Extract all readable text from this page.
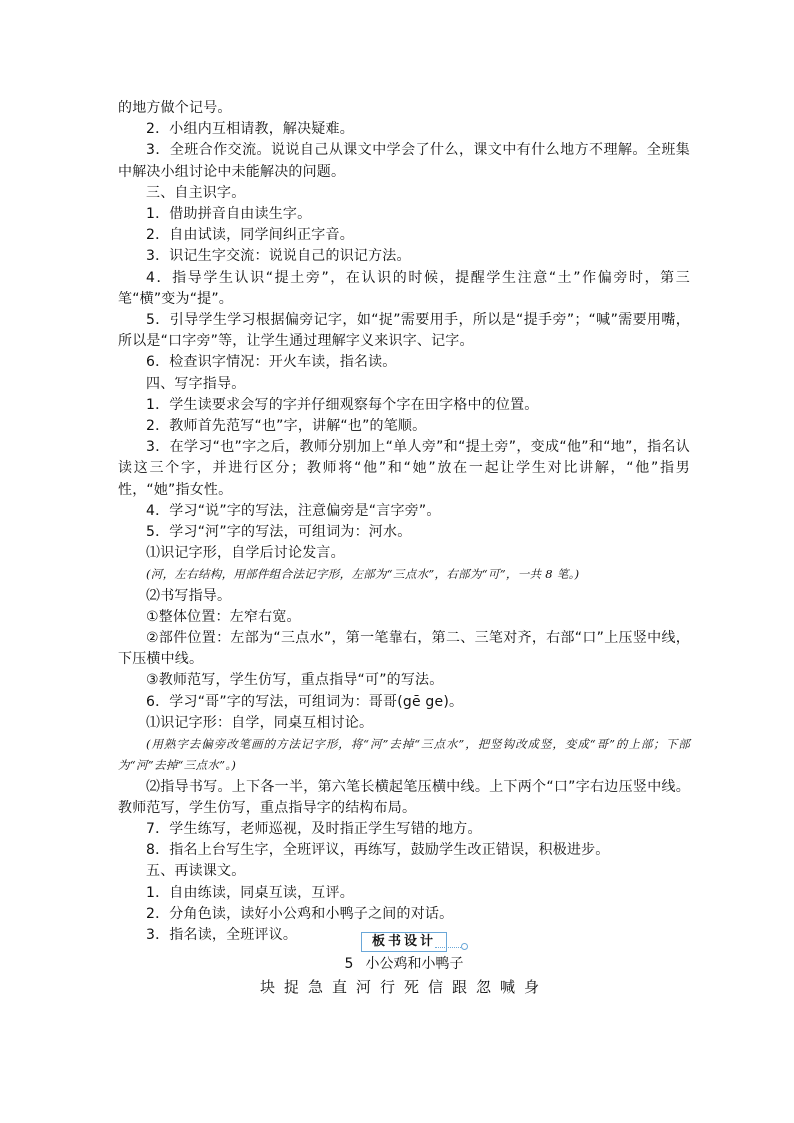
的地方做个记号。

2．小组内互相请教，解决疑难。

3．全班合作交流。说说自己从课文中学会了什么，课文中有什么地方不理解。全班集中解决小组讨论中未能解决的问题。

三、自主识字。

1．借助拼音自由读生字。

2．自由试读，同学间纠正字音。

3．识记生字交流：说说自己的识记方法。

4．指导学生认识“提土旁”，在认识的时候，提醒学生注意“土”作偏旁时，第三笔“横”变为“提”。

5．引导学生学习根据偏旁记字，如“捉”需要用手，所以是“提手旁”；“喊”需要用嘴，所以是“口字旁”等，让学生通过理解字义来识字、记字。

6．检查识字情况：开火车读，指名读。

四、写字指导。

1．学生读要求会写的字并仔细观察每个字在田字格中的位置。

2．教师首先范写“也”字，讲解“也”的笔顺。

3．在学习“也”字之后，教师分别加上“单人旁”和“提土旁”，变成“他”和“地”，指名认读这三个字，并进行区分；教师将“他”和“她”放在一起让学生对比讲解，“他”指男性，“她”指女性。

4．学习“说”字的写法，注意偏旁是“言字旁”。

5．学习“河”字的写法，可组词为：河水。

⑴识记字形，自学后讨论发言。

(河，左右结构，用部件组合法记字形，左部为“三点水”，右部为“可”，一共 8 笔。)

⑵书写指导。

①整体位置：左窄右宽。

②部件位置：左部为“三点水”，第一笔靠右，第二、三笔对齐，右部“口”上压竖中线，下压横中线。

③教师范写，学生仿写，重点指导“可”的写法。

6．学习“哥”字的写法，可组词为：哥哥(gē ge)。

⑴识记字形：自学，同桌互相讨论。

(用熟字去偏旁改笔画的方法记字形，将“河”去掉“三点水”，把竖钩改成竖，变成“哥”的上部；下部为“河”去掉“三点水”。)

⑵指导书写。上下各一半，第六笔长横起笔压横中线。上下两个“口”字右边压竖中线。教师范写，学生仿写，重点指导字的结构布局。

7．学生练写，老师巡视，及时指正学生写错的地方。

8．指名上台写生字，全班评议，再练写，鼓励学生改正错误，积极进步。

五、再读课文。

1．自由练读，同桌互读，互评。

2．分角色读，读好小公鸡和小鸭子之间的对话。

3．指名读，全班评议。	板书设计
5 小公鸡和小鸭子
块捉急直河行死信跟忽喊身
